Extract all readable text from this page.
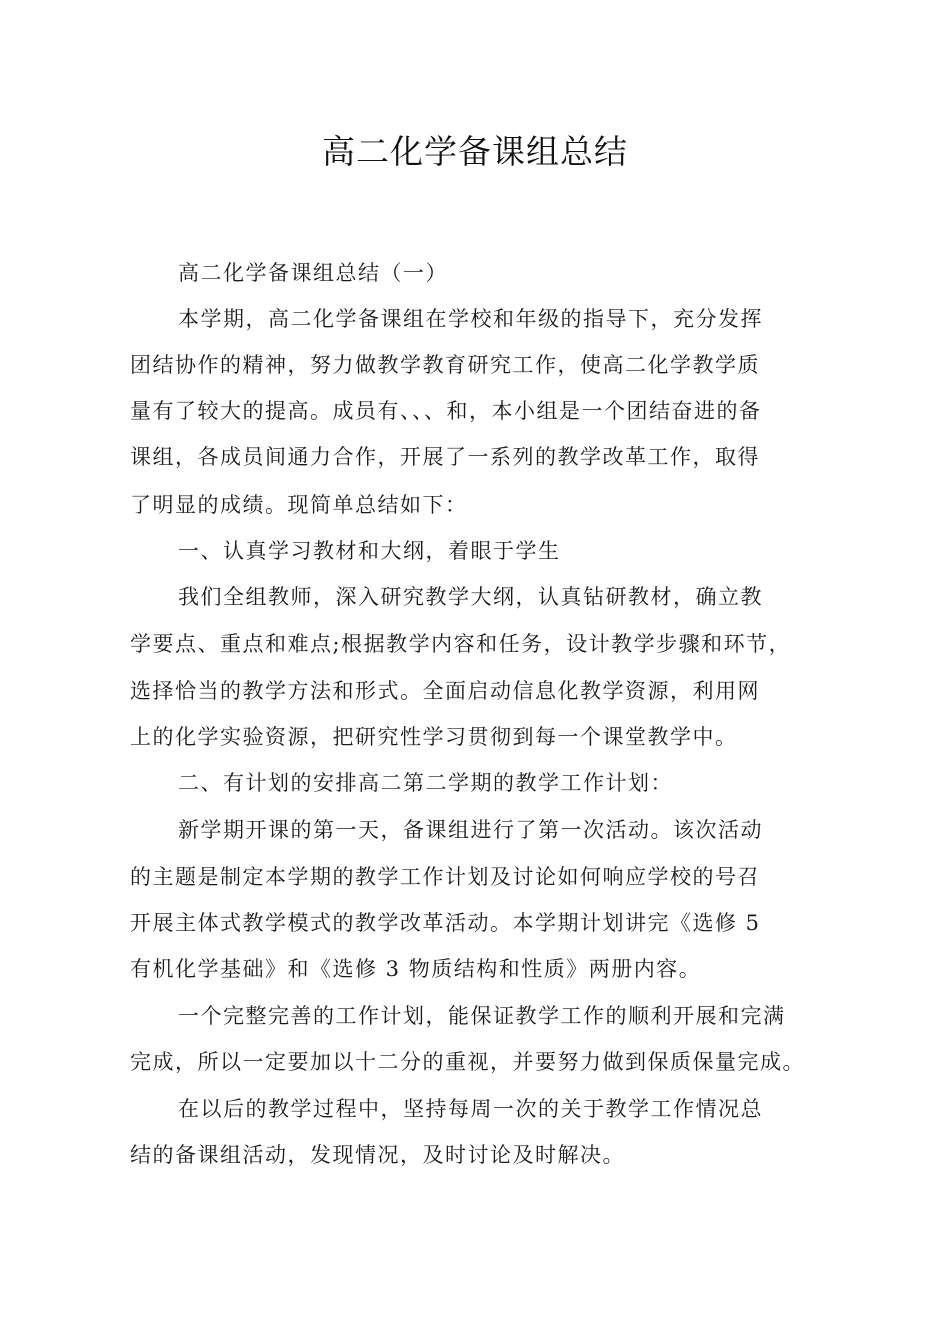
高二化学备课组总结
高二化学备课组总结（一）
本学期，高二化学备课组在学校和年级的指导下，充分发挥
团结协作的精神，努力做教学教育研究工作，使高二化学教学质
量有了较大的提高。成员有、、、和，本小组是一个团结奋进的备
课组，各成员间通力合作，开展了一系列的教学改革工作，取得
了明显的成绩。现简单总结如下：
一、认真学习教材和大纲，着眼于学生
我们全组教师，深入研究教学大纲，认真钻研教材，确立教
学要点、重点和难点;根据教学内容和任务，设计教学步骤和环节，
选择恰当的教学方法和形式。全面启动信息化教学资源，利用网
上的化学实验资源，把研究性学习贯彻到每一个课堂教学中。
二、有计划的安排高二第二学期的教学工作计划：
新学期开课的第一天，备课组进行了第一次活动。该次活动
的主题是制定本学期的教学工作计划及讨论如何响应学校的号召
开展主体式教学模式的教学改革活动。本学期计划讲完《选修 5
有机化学基础》和《选修 3 物质结构和性质》两册内容。
一个完整完善的工作计划，能保证教学工作的顺利开展和完满
完成，所以一定要加以十二分的重视，并要努力做到保质保量完成。
在以后的教学过程中，坚持每周一次的关于教学工作情况总
结的备课组活动，发现情况，及时讨论及时解决。
